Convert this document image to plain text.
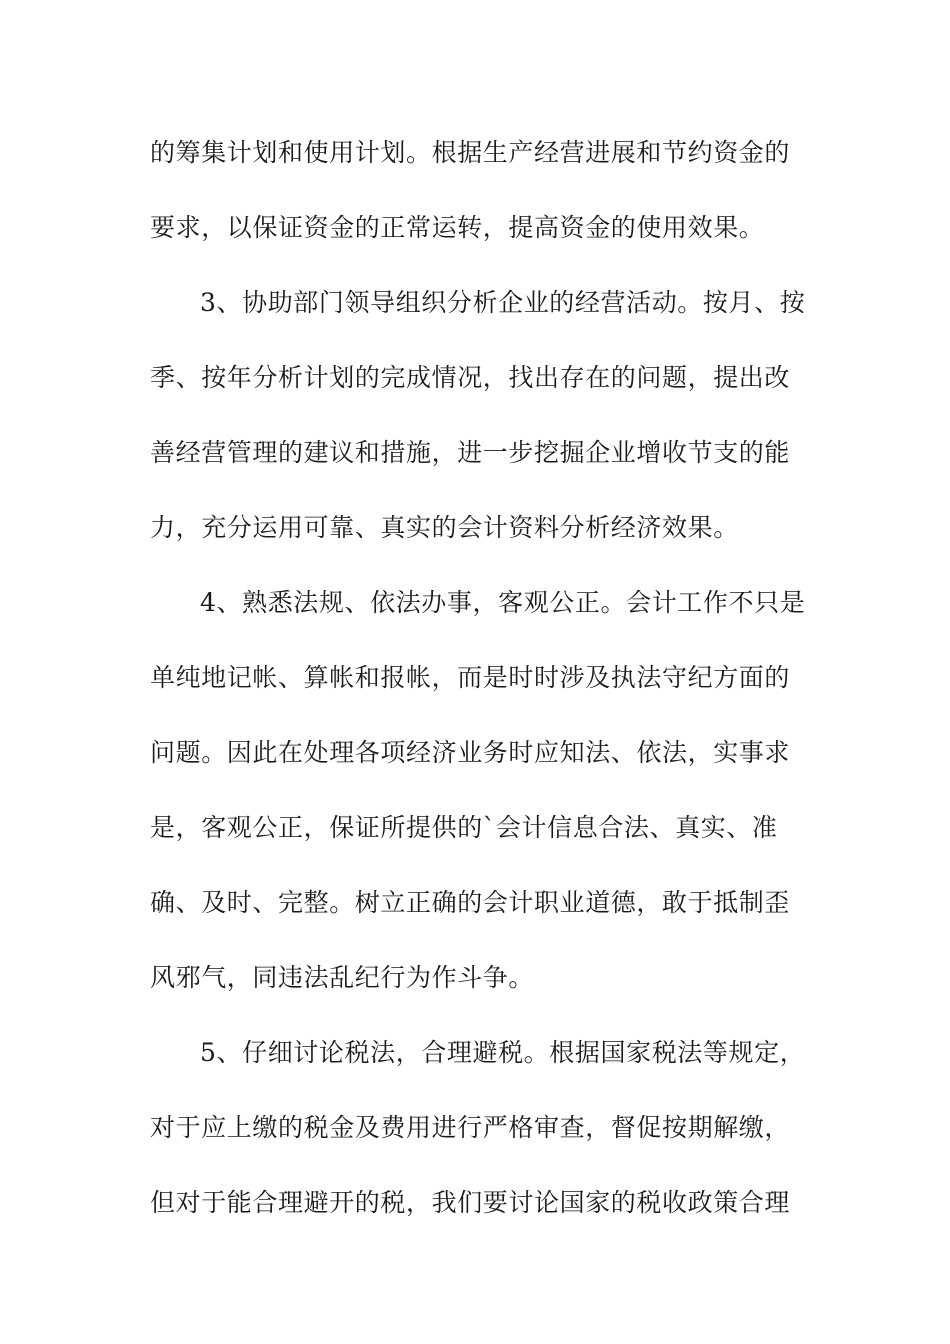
的筹集计划和使用计划。根据生产经营进展和节约资金的
要求，以保证资金的正常运转，提高资金的使用效果。
3、协助部门领导组织分析企业的经营活动。按月、按
季、按年分析计划的完成情况，找出存在的问题，提出改
善经营管理的建议和措施，进一步挖掘企业增收节支的能
力，充分运用可靠、真实的会计资料分析经济效果。
4、熟悉法规、依法办事，客观公正。会计工作不只是
单纯地记帐、算帐和报帐，而是时时涉及执法守纪方面的
问题。因此在处理各项经济业务时应知法、依法，实事求
是，客观公正，保证所提供的`会计信息合法、真实、准
确、及时、完整。树立正确的会计职业道德，敢于抵制歪
风邪气，同违法乱纪行为作斗争。
5、仔细讨论税法，合理避税。根据国家税法等规定，
对于应上缴的税金及费用进行严格审查，督促按期解缴，
但对于能合理避开的税，我们要讨论国家的税收政策合理
